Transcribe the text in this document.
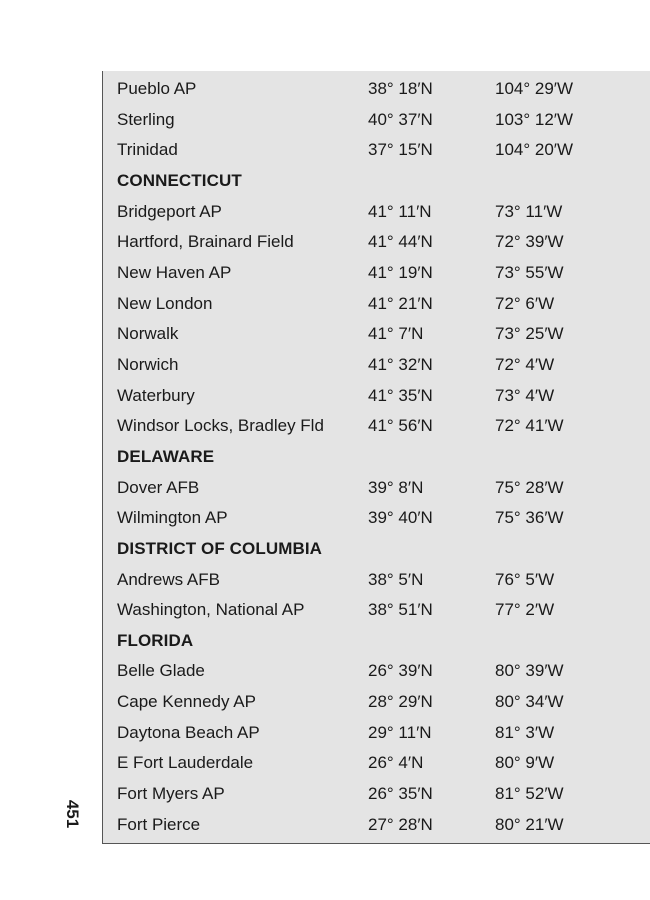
451
Pueblo AP	38° 18′N	104° 29′W
Sterling	40° 37′N	103° 12′W
Trinidad	37° 15′N	104° 20′W
CONNECTICUT
Bridgeport AP	41° 11′N	73° 11′W
Hartford, Brainard Field	41° 44′N	72° 39′W
New Haven AP	41° 19′N	73° 55′W
New London	41° 21′N	72° 6′W
Norwalk	41° 7′N	73° 25′W
Norwich	41° 32′N	72° 4′W
Waterbury	41° 35′N	73° 4′W
Windsor Locks, Bradley Fld	41° 56′N	72° 41′W
DELAWARE
Dover AFB	39° 8′N	75° 28′W
Wilmington AP	39° 40′N	75° 36′W
DISTRICT OF COLUMBIA
Andrews AFB	38° 5′N	76° 5′W
Washington, National AP	38° 51′N	77° 2′W
FLORIDA
Belle Glade	26° 39′N	80° 39′W
Cape Kennedy AP	28° 29′N	80° 34′W
Daytona Beach AP	29° 11′N	81° 3′W
E Fort Lauderdale	26° 4′N	80° 9′W
Fort Myers AP	26° 35′N	81° 52′W
Fort Pierce	27° 28′N	80° 21′W
